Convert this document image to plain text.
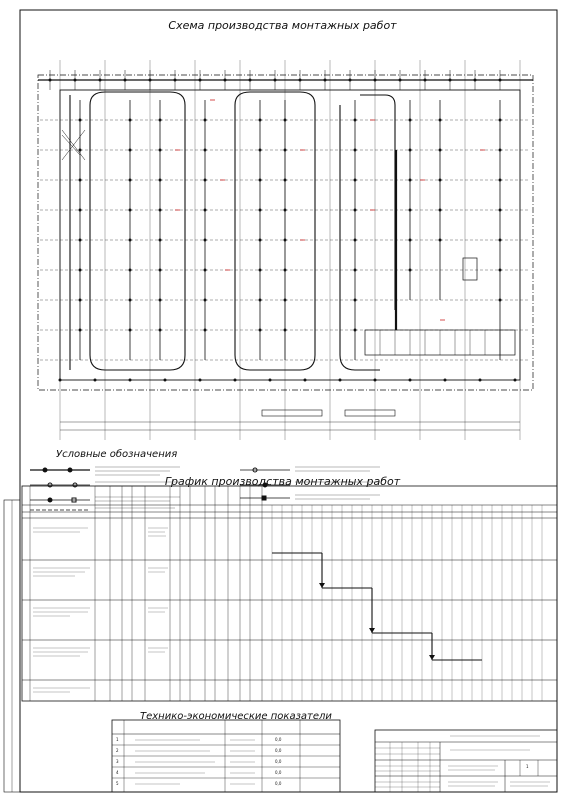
Схема производства монтажных работ
Условные обозначения
График производства монтажных работ
Технико-экономические показатели
1
2
3
4
5
0,0
0,0
0,0
0,0
0,0
1
